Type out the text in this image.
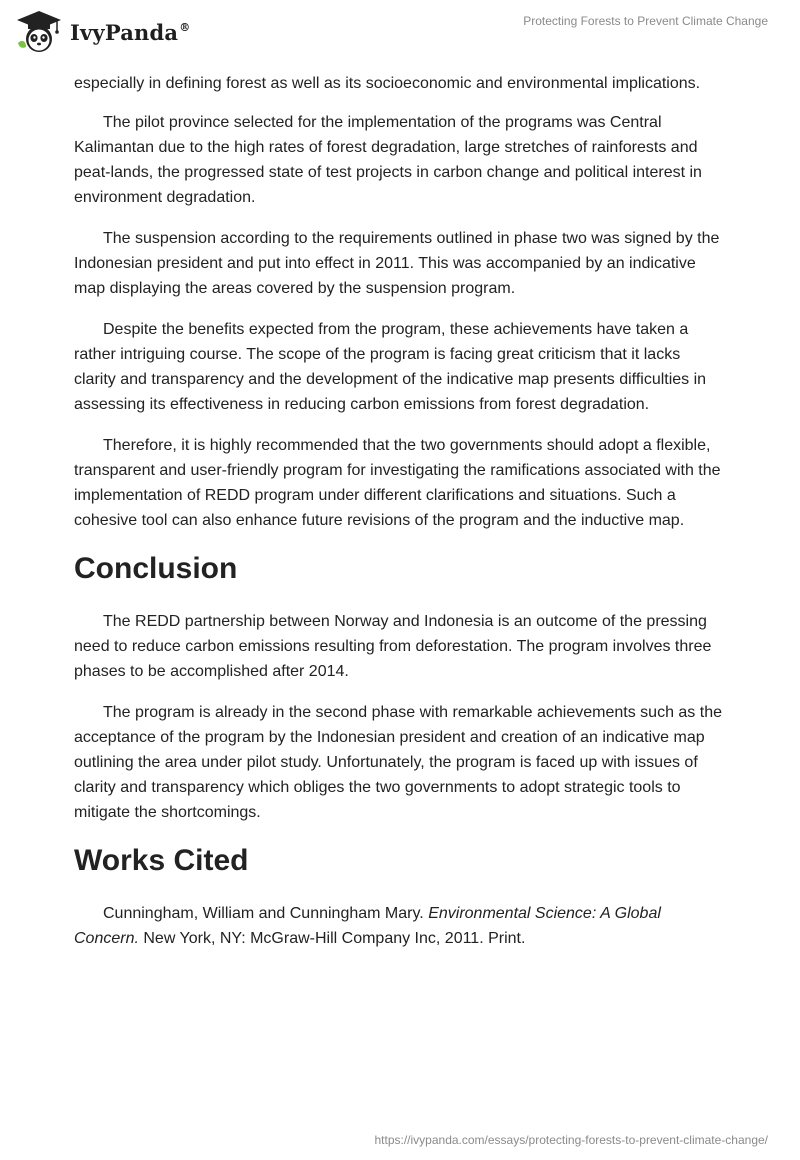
IvyPanda®	Protecting Forests to Prevent Climate Change

especially in defining forest as well as its socioeconomic and environmental implications.

The pilot province selected for the implementation of the programs was Central Kalimantan due to the high rates of forest degradation, large stretches of rainforests and peat-lands, the progressed state of test projects in carbon change and political interest in environment degradation.

The suspension according to the requirements outlined in phase two was signed by the Indonesian president and put into effect in 2011. This was accompanied by an indicative map displaying the areas covered by the suspension program.

Despite the benefits expected from the program, these achievements have taken a rather intriguing course. The scope of the program is facing great criticism that it lacks clarity and transparency and the development of the indicative map presents difficulties in assessing its effectiveness in reducing carbon emissions from forest degradation.

Therefore, it is highly recommended that the two governments should adopt a flexible, transparent and user-friendly program for investigating the ramifications associated with the implementation of REDD program under different clarifications and situations. Such a cohesive tool can also enhance future revisions of the program and the inductive map.

Conclusion

The REDD partnership between Norway and Indonesia is an outcome of the pressing need to reduce carbon emissions resulting from deforestation. The program involves three phases to be accomplished after 2014.

The program is already in the second phase with remarkable achievements such as the acceptance of the program by the Indonesian president and creation of an indicative map outlining the area under pilot study. Unfortunately, the program is faced up with issues of clarity and transparency which obliges the two governments to adopt strategic tools to mitigate the shortcomings.

Works Cited

Cunningham, William and Cunningham Mary. Environmental Science: A Global Concern. New York, NY: McGraw-Hill Company Inc, 2011. Print.

https://ivypanda.com/essays/protecting-forests-to-prevent-climate-change/
